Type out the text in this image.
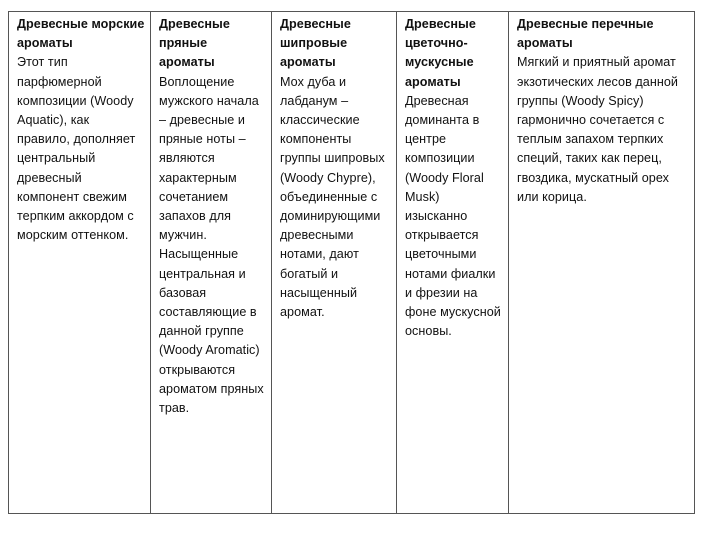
Древесные морские ароматы
Этот тип парфюмерной композиции (Woody Aquatic), как правило, дополняет центральный древесный компонент свежим терпким аккордом с морским оттенком.

Древесные пряные ароматы
Воплощение мужского начала – древесные и пряные ноты – являются характерным сочетанием запахов для мужчин. Насыщенные центральная и базовая составляющие в данной группе (Woody Aromatic) открываются ароматом пряных трав.

Древесные шипровые ароматы
Мох дуба и лабданум – классические компоненты группы шипровых (Woody Chypre), объединенные с доминирующими древесными нотами, дают богатый и насыщенный аромат.

Древесные цветочно-мускусные ароматы
Древесная доминанта в центре композиции (Woody Floral Musk) изысканно открывается цветочными нотами фиалки и фрезии на фоне мускусной основы.

Древесные перечные ароматы
Мягкий и приятный аромат экзотических лесов данной группы (Woody Spicy) гармонично сочетается с теплым запахом терпких специй, таких как перец, гвоздика, мускатный орех или корица.
